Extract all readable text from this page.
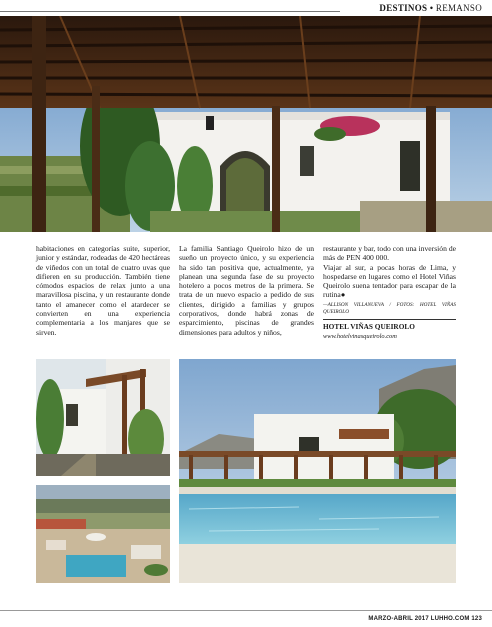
DESTINOS • REMANSO

habitaciones en categorías suite, superior, junior y estándar, rodeadas de 420 hectáreas de viñedos con un total de cuatro uvas que difieren en su producción. También tiene cómodos espacios de relax junto a una maravillosa piscina, y un restaurante donde tanto el amanecer como el atardecer se convierten en una experiencia complementaria a los manjares que se sirven.

La familia Santiago Queirolo hizo de un sueño un proyecto único, y su experiencia ha sido tan positiva que, actualmente, ya planean una segunda fase de su proyecto hotelero a pocos metros de la primera. Se trata de un nuevo espacio a pedido de sus clientes, dirigido a familias y grupos corporativos, donde habrá zonas de esparcimiento, piscinas de grandes dimensiones para adultos y niños,

restaurante y bar, todo con una inversión de más de PEN 400 000.

Viajar al sur, a pocas horas de Lima, y hospedarse en lugares como el Hotel Viñas Queirolo suena tentador para escapar de la rutina●

—ALLISON VILLANUEVA / FOTOS: HOTEL VIÑAS QUEIROLO
HOTEL VIÑAS QUEIROLO
www.hotelvinasqueirolo.com
MARZO-ABRIL 2017 LUHHO.COM 123
